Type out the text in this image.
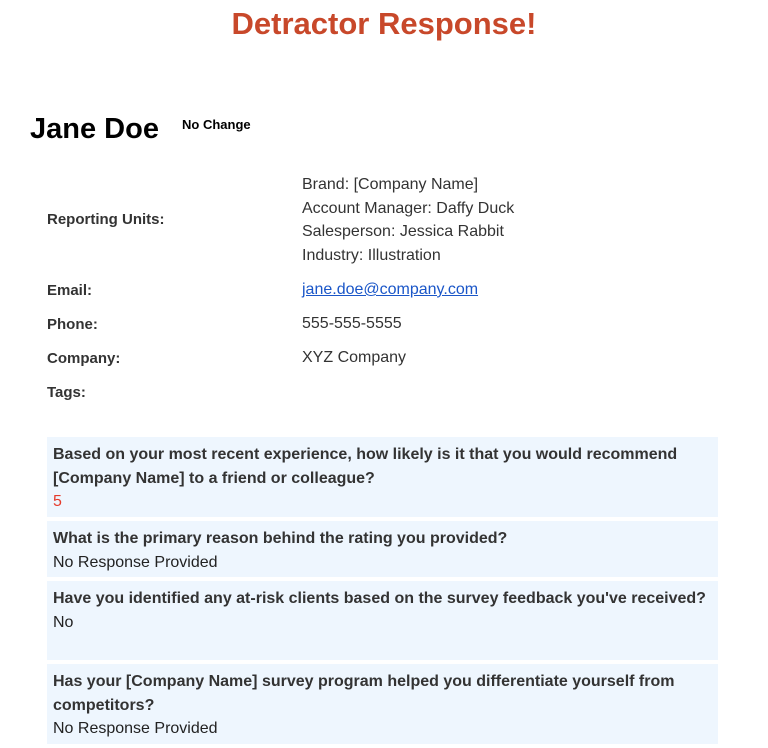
Detractor Response!
Jane Doe No Change
Reporting Units:
Brand: [Company Name]
Account Manager: Daffy Duck
Salesperson: Jessica Rabbit
Industry: Illustration
Email:	jane.doe@company.com
Phone:	555-555-5555
Company:	XYZ Company
Tags:
Based on your most recent experience, how likely is it that you would recommend [Company Name] to a friend or colleague?
5
What is the primary reason behind the rating you provided?
No Response Provided
Have you identified any at-risk clients based on the survey feedback you've received?
No
Has your [Company Name] survey program helped you differentiate yourself from competitors?
No Response Provided
